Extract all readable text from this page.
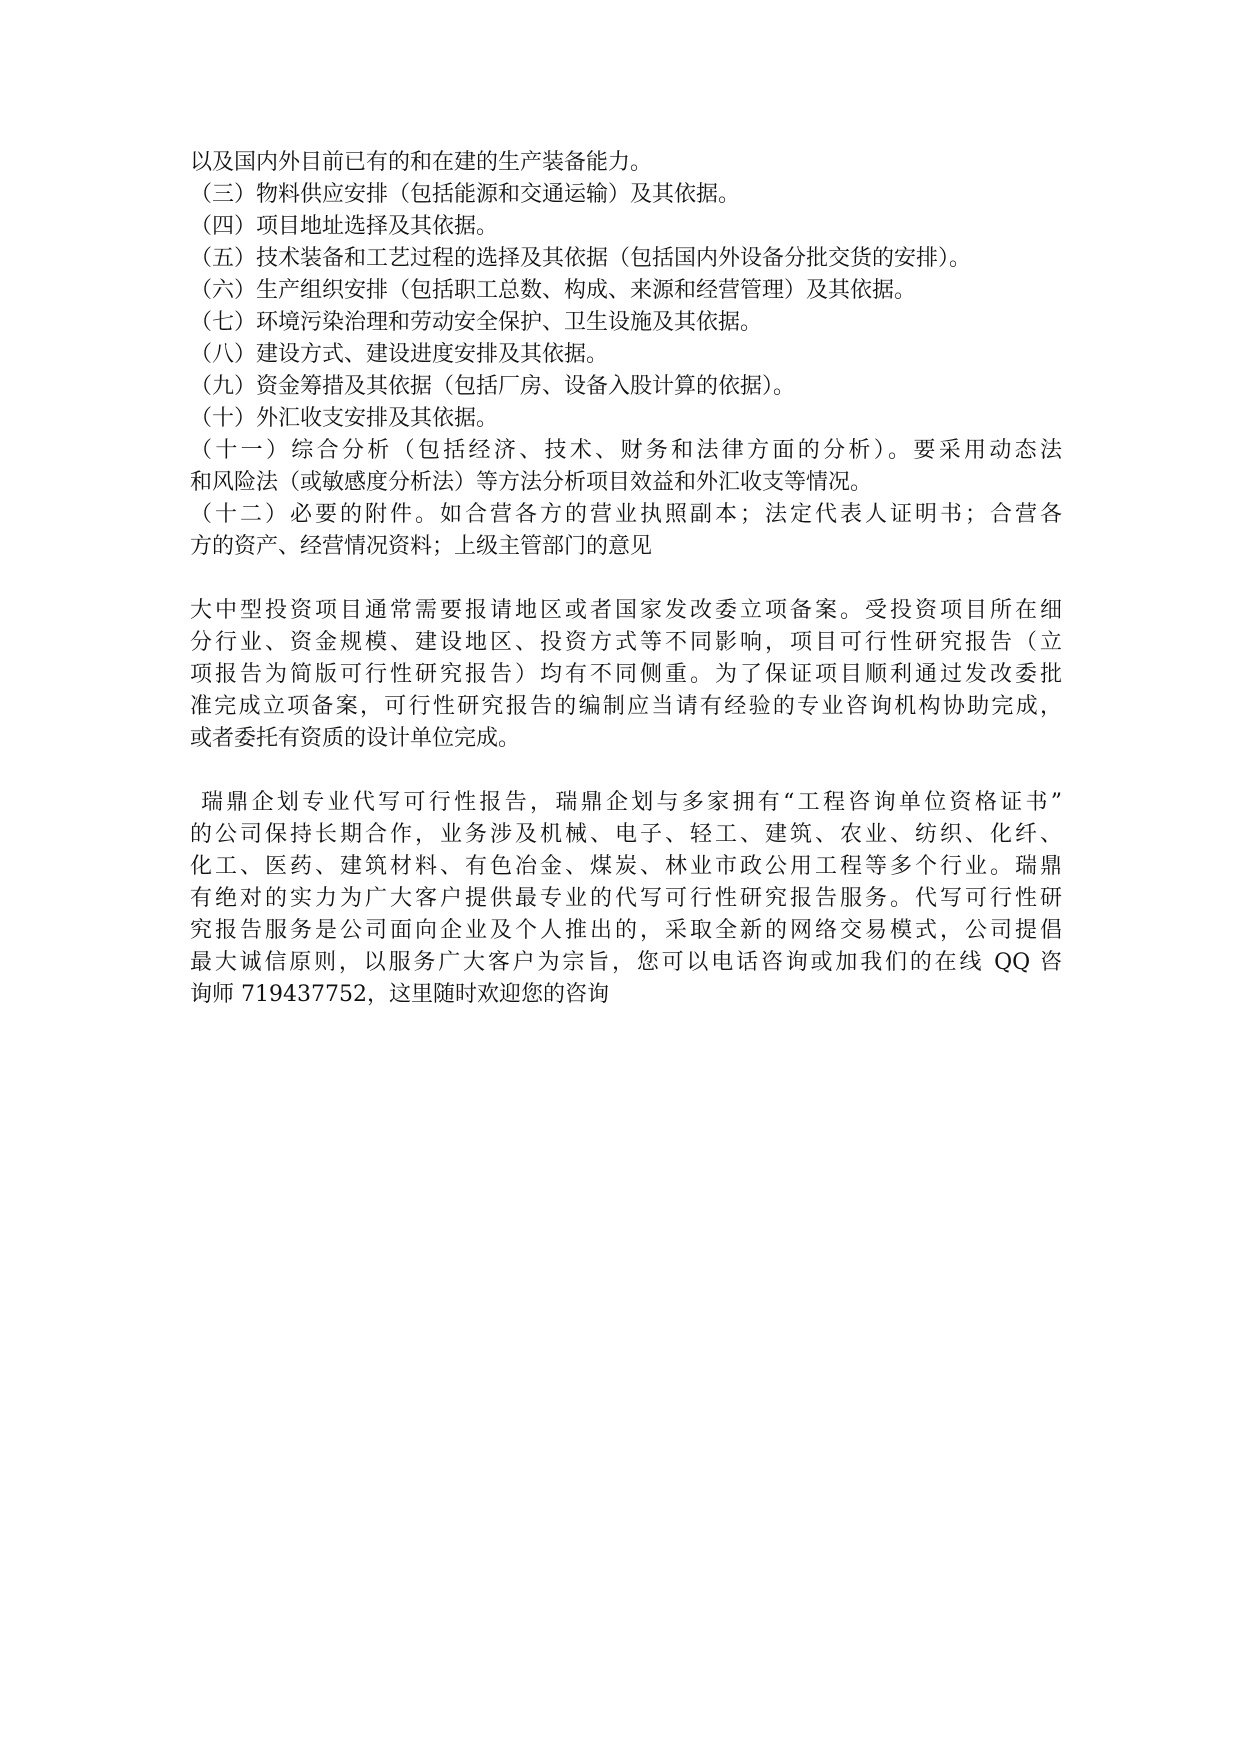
以及国内外目前已有的和在建的生产装备能力。
（三）物料供应安排（包括能源和交通运输）及其依据。
（四）项目地址选择及其依据。
（五）技术装备和工艺过程的选择及其依据（包括国内外设备分批交货的安排）。
（六）生产组织安排（包括职工总数、构成、来源和经营管理）及其依据。
（七）环境污染治理和劳动安全保护、卫生设施及其依据。
（八）建设方式、建设进度安排及其依据。
（九）资金筹措及其依据（包括厂房、设备入股计算的依据）。
（十）外汇收支安排及其依据。
（十一）综合分析（包括经济、技术、财务和法律方面的分析）。要采用动态法
和风险法（或敏感度分析法）等方法分析项目效益和外汇收支等情况。
（十二）必要的附件。如合营各方的营业执照副本；法定代表人证明书；合营各
方的资产、经营情况资料；上级主管部门的意见
大中型投资项目通常需要报请地区或者国家发改委立项备案。受投资项目所在细
分行业、资金规模、建设地区、投资方式等不同影响，项目可行性研究报告（立
项报告为简版可行性研究报告）均有不同侧重。为了保证项目顺利通过发改委批
准完成立项备案，可行性研究报告的编制应当请有经验的专业咨询机构协助完成，
或者委托有资质的设计单位完成。
瑞鼎企划专业代写可行性报告，瑞鼎企划与多家拥有“工程咨询单位资格证书”
的公司保持长期合作，业务涉及机械、电子、轻工、建筑、农业、纺织、化纤、
化工、医药、建筑材料、有色冶金、煤炭、林业市政公用工程等多个行业。瑞鼎
有绝对的实力为广大客户提供最专业的代写可行性研究报告服务。代写可行性研
究报告服务是公司面向企业及个人推出的，采取全新的网络交易模式，公司提倡
最大诚信原则，以服务广大客户为宗旨，您可以电话咨询或加我们的在线 QQ 咨
询师 719437752，这里随时欢迎您的咨询
